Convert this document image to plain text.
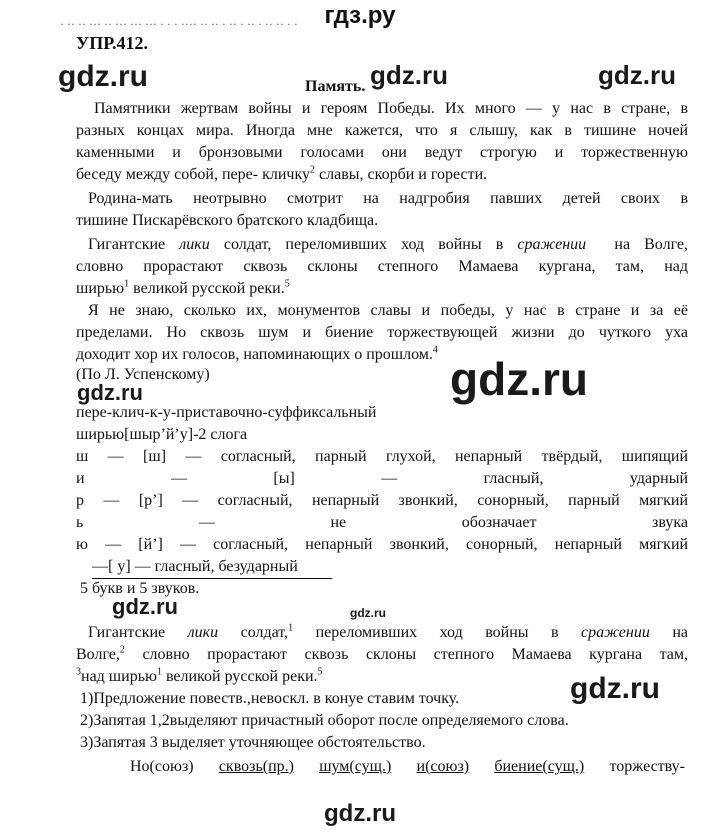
гдз.ру
· ·· ·· ··· ·· ··· ··· ··· · · · ···· ·· ·· · ·· · ·· · ·· ·· · ·
УПР.412.
gdz.ru	gdz.ru	gdz.ru
Память.
Памятники жертвам войны и героям Победы. Их много — у нас в стране, в
разных концах мира. Иногда мне кажется, что я слышу, как в тишине ночей
каменными и бронзовыми голосами они ведут строгую и торжественную
беседу между собой, пере- кличку$^2$ славы, скорби и горести.
Родина-мать неотрывно смотрит на надгробия павших детей своих в
тишине Пискарёвского братского кладбища.
Гигантские лики солдат, переломивших ход войны в сражении на Волге,
словно прорастают сквозь склоны степного Мамаева кургана, там, над
ширью$^1$ великой русской реки.$^5$
Я не знаю, сколько их, монументов славы и победы, у нас в стране и за её
пределами. Но сквозь шум и биение торжествующей жизни до чуткого уха
доходит хор их голосов, напоминающих о прошлом.$^4$
(По Л. Успенскому)	gdz.ru
gdz.ru
пере-клич-к-у-приставочно-суффиксальный
ширью[шыр’й’у]-2 слога
ш — [ш] — согласный, парный глухой, непарный твёрдый, шипящий
и —	[ы]	— гласный,	ударный
р — [р’] — согласный, непарный звонкий, сонорный, парный мягкий
ь — не	обозначает	звука
ю — [й’] — согласный, непарный звонкий, сонорный, непарный мягкий
—[ у] — гласный, безударный
5 букв и 5 звуков.
gdz.ru	gdz.ru
Гигантские лики солдат,$^1$ переломивших ход войны в сражении на
Волге,$^2$ словно прорастают сквозь склоны степного Мамаева кургана там,
$^3$над ширью$^1$ великой русской реки.$^5$	gdz.ru
1)Предложение повеств.,невоскл. в конуе ставим точку.
2)Запятая 1,2выделяют причастный оборот после определяемого слова.
3)Запятая 3 выделяет уточняющее обстоятельство.
Но(союз) сквозь(пр.) шум(сущ.) и(союз) биение(сущ.) торжеству-
gdz.ru
